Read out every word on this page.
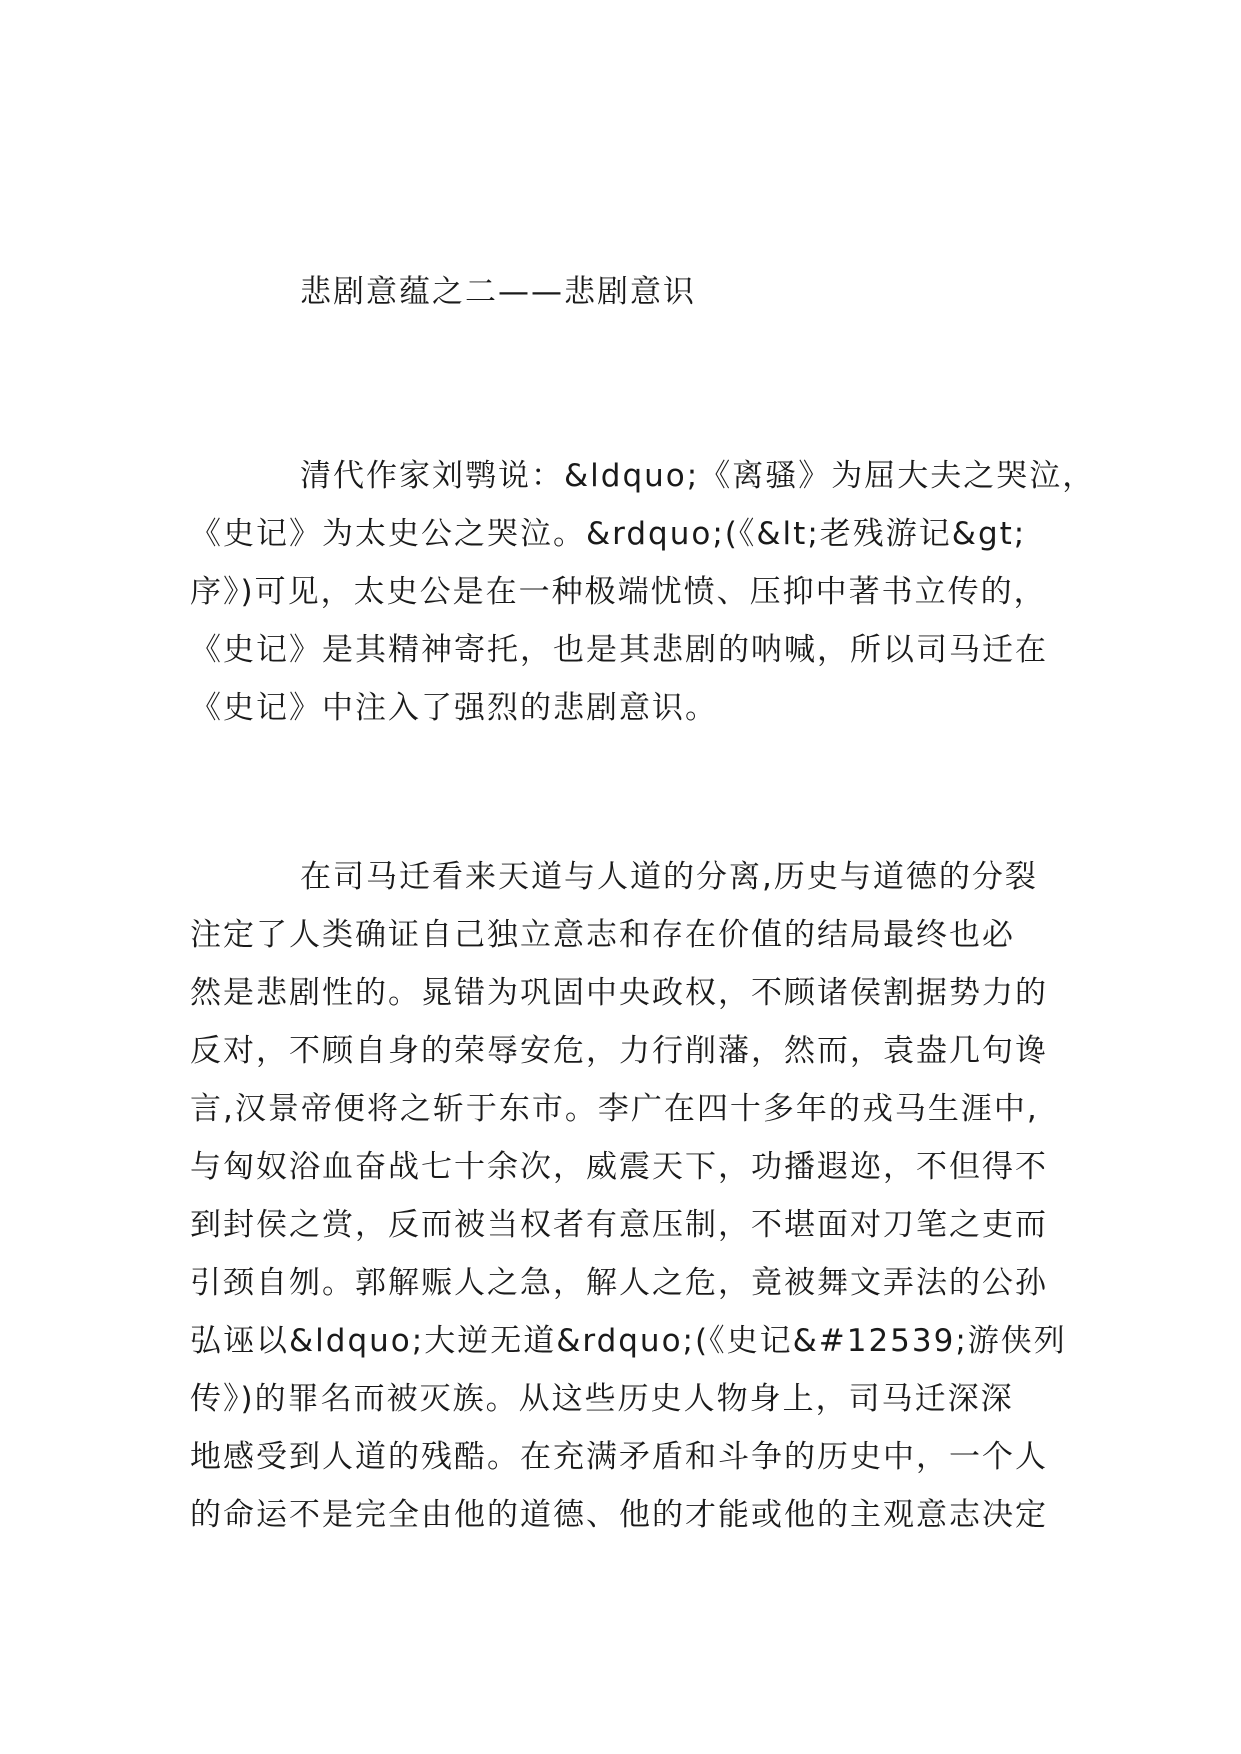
悲剧意蕴之二——悲剧意识
清代作家刘鹗说：&ldquo;《离骚》为屈大夫之哭泣，
《史记》为太史公之哭泣。&rdquo;(《&lt;老残游记&gt;
序》)可见，太史公是在一种极端忧愤、压抑中著书立传的，
《史记》是其精神寄托，也是其悲剧的呐喊，所以司马迁在
《史记》中注入了强烈的悲剧意识。
在司马迁看来天道与人道的分离,历史与道德的分裂
注定了人类确证自己独立意志和存在价值的结局最终也必
然是悲剧性的。晁错为巩固中央政权，不顾诸侯割据势力的
反对，不顾自身的荣辱安危，力行削藩，然而，袁盎几句谗
言,汉景帝便将之斩于东市。李广在四十多年的戎马生涯中,
与匈奴浴血奋战七十余次，威震天下，功播遐迩，不但得不
到封侯之赏，反而被当权者有意压制，不堪面对刀笔之吏而
引颈自刎。郭解赈人之急，解人之危，竟被舞文弄法的公孙
弘诬以&ldquo;大逆无道&rdquo;(《史记&#12539;游侠列
传》)的罪名而被灭族。从这些历史人物身上，司马迁深深
地感受到人道的残酷。在充满矛盾和斗争的历史中，一个人
的命运不是完全由他的道德、他的才能或他的主观意志决定
